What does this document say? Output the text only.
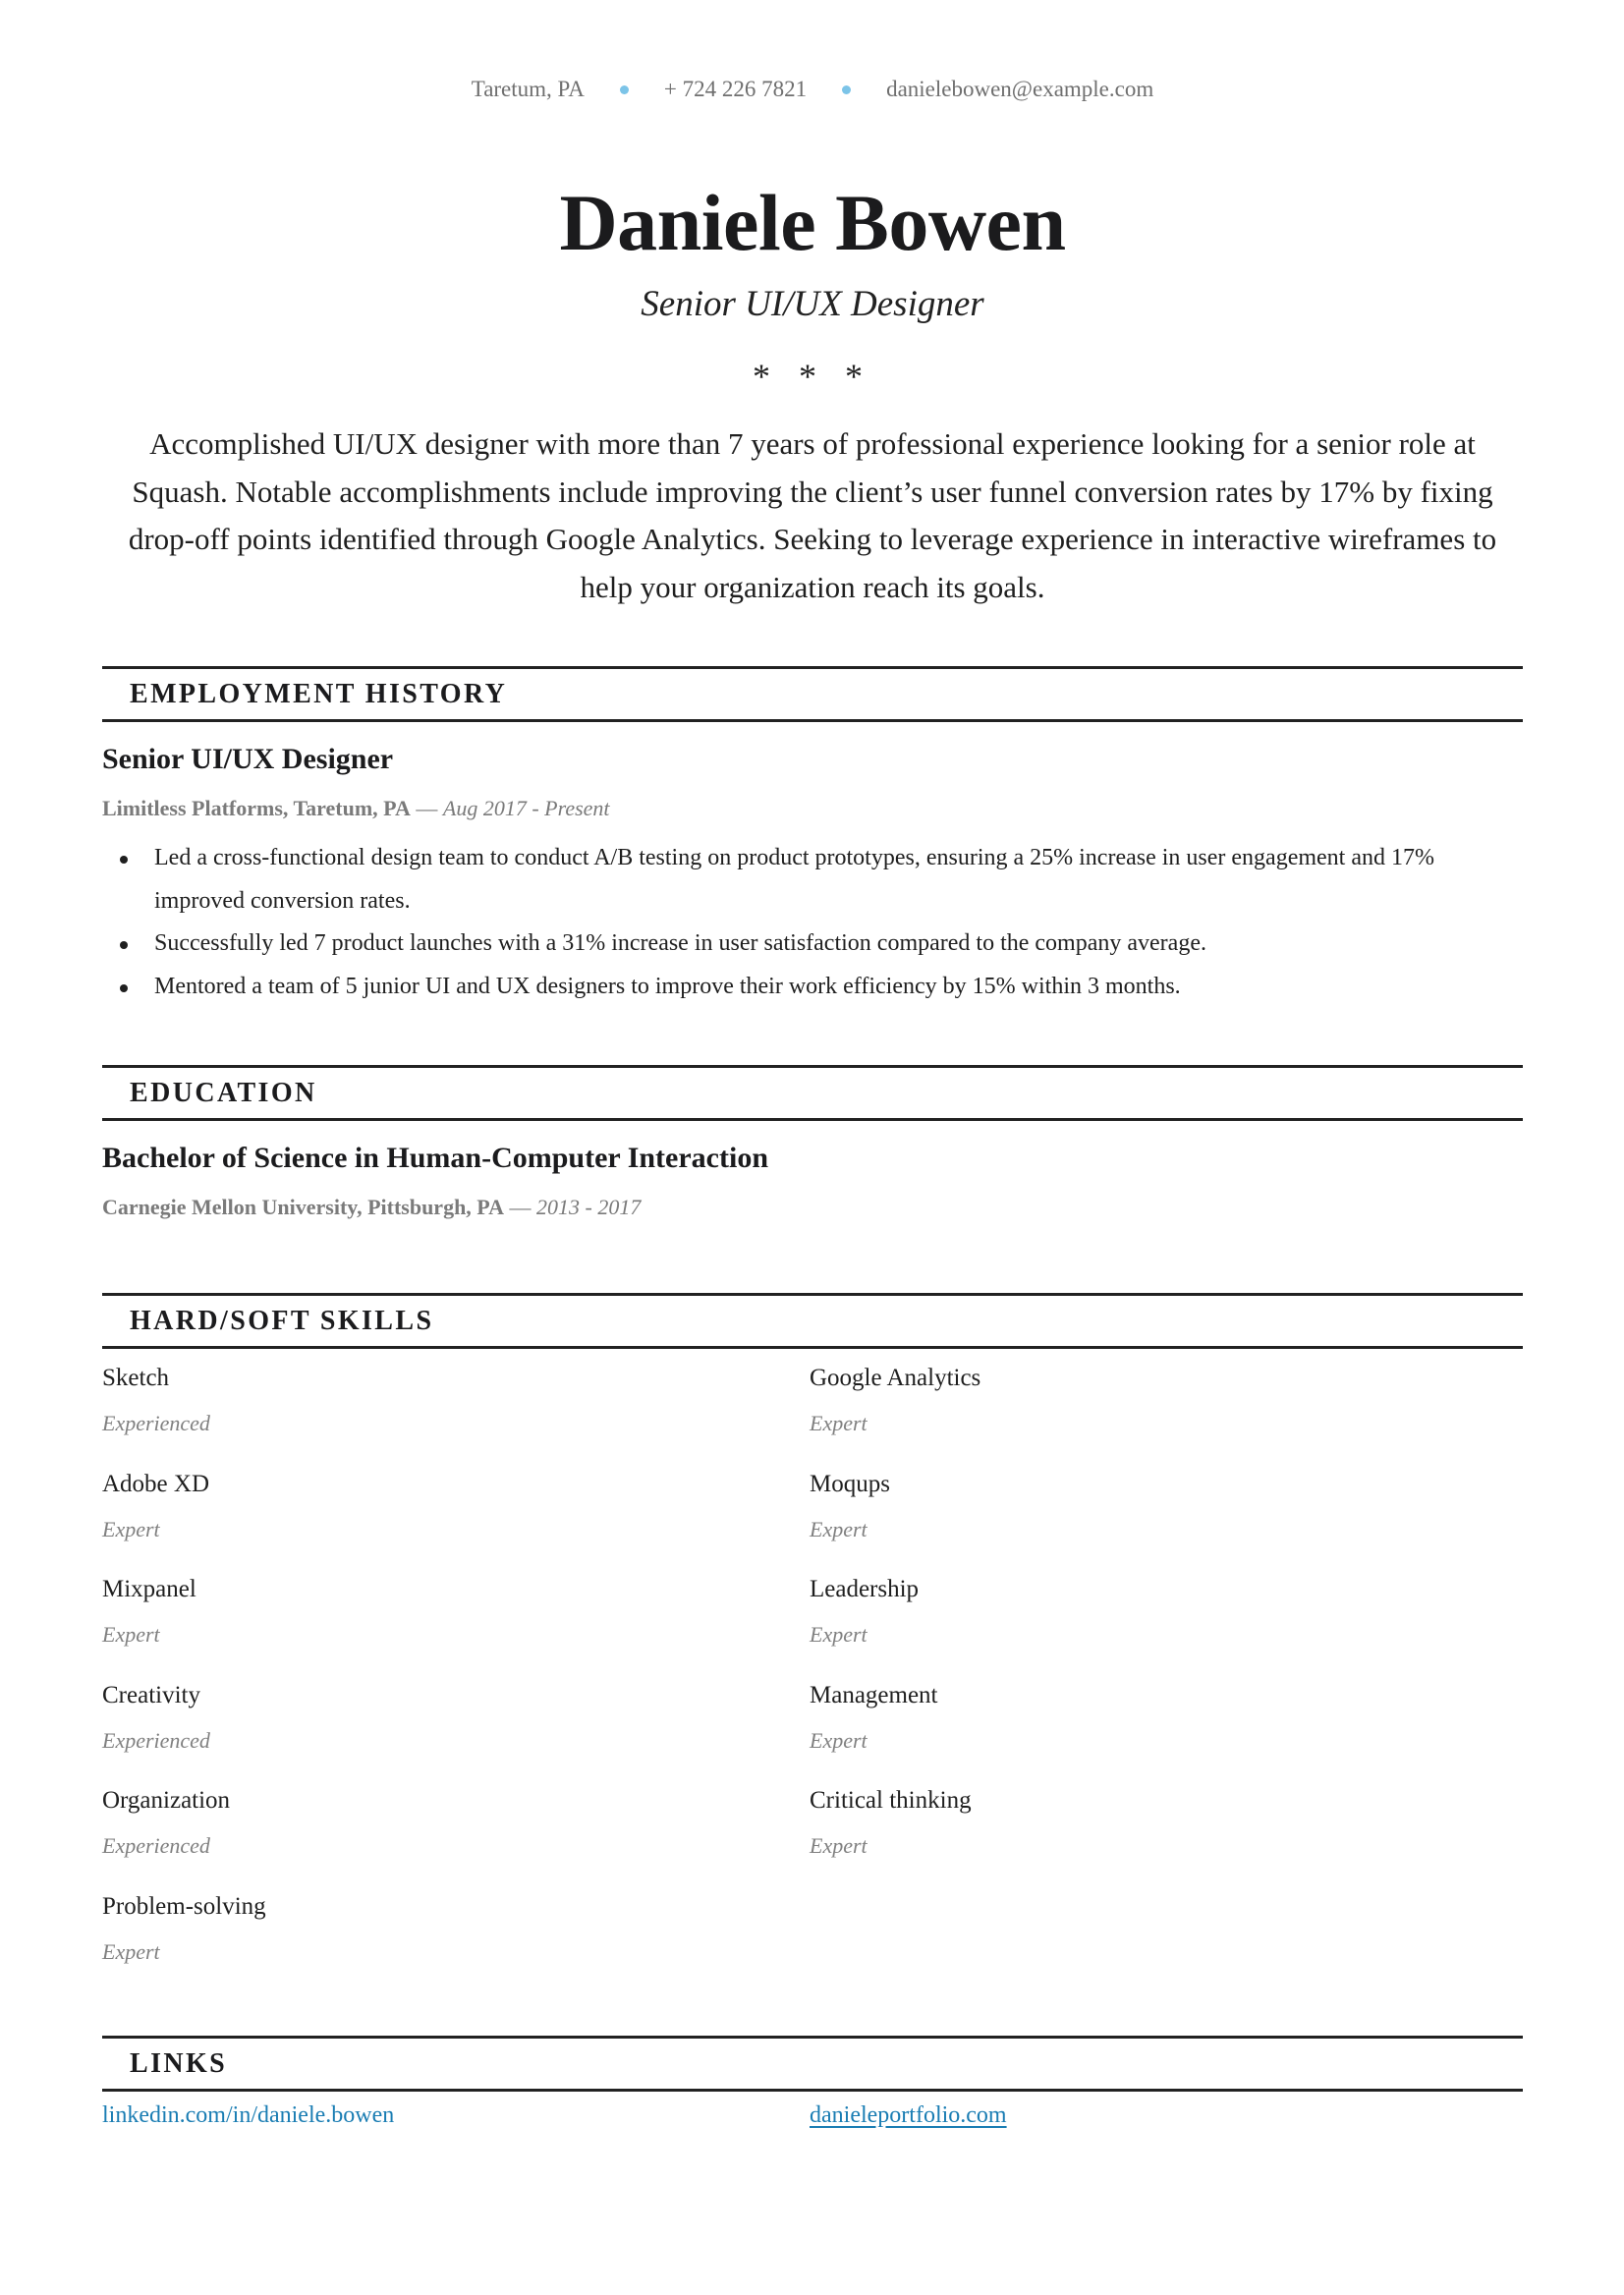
Taretum, PA	+ 724 226 7821	danielebowen@example.com
Daniele Bowen
Senior UI/UX Designer
* * *

Accomplished UI/UX designer with more than 7 years of professional experience looking for a senior role at Squash. Notable accomplishments include improving the client’s user funnel conversion rates by 17% by fixing drop-off points identified through Google Analytics. Seeking to leverage experience in interactive wireframes to help your organization reach its goals.

EMPLOYMENT HISTORY
Senior UI/UX Designer
Limitless Platforms, Taretum, PA — Aug 2017 - Present
Led a cross-functional design team to conduct A/B testing on product prototypes, ensuring a 25% increase in user engagement and 17% improved conversion rates.
Successfully led 7 product launches with a 31% increase in user satisfaction compared to the company average.
Mentored a team of 5 junior UI and UX designers to improve their work efficiency by 15% within 3 months.
EDUCATION
Bachelor of Science in Human-Computer Interaction
Carnegie Mellon University, Pittsburgh, PA — 2013 - 2017
HARD/SOFT SKILLS
Sketch
Experienced
Google Analytics
Expert
Adobe XD
Expert
Moqups
Expert
Mixpanel
Expert
Leadership
Expert
Creativity
Experienced
Management
Expert
Organization
Experienced
Critical thinking
Expert
Problem-solving
Expert
LINKS
linkedin.com/in/daniele.bowen	danieleportfolio.com
